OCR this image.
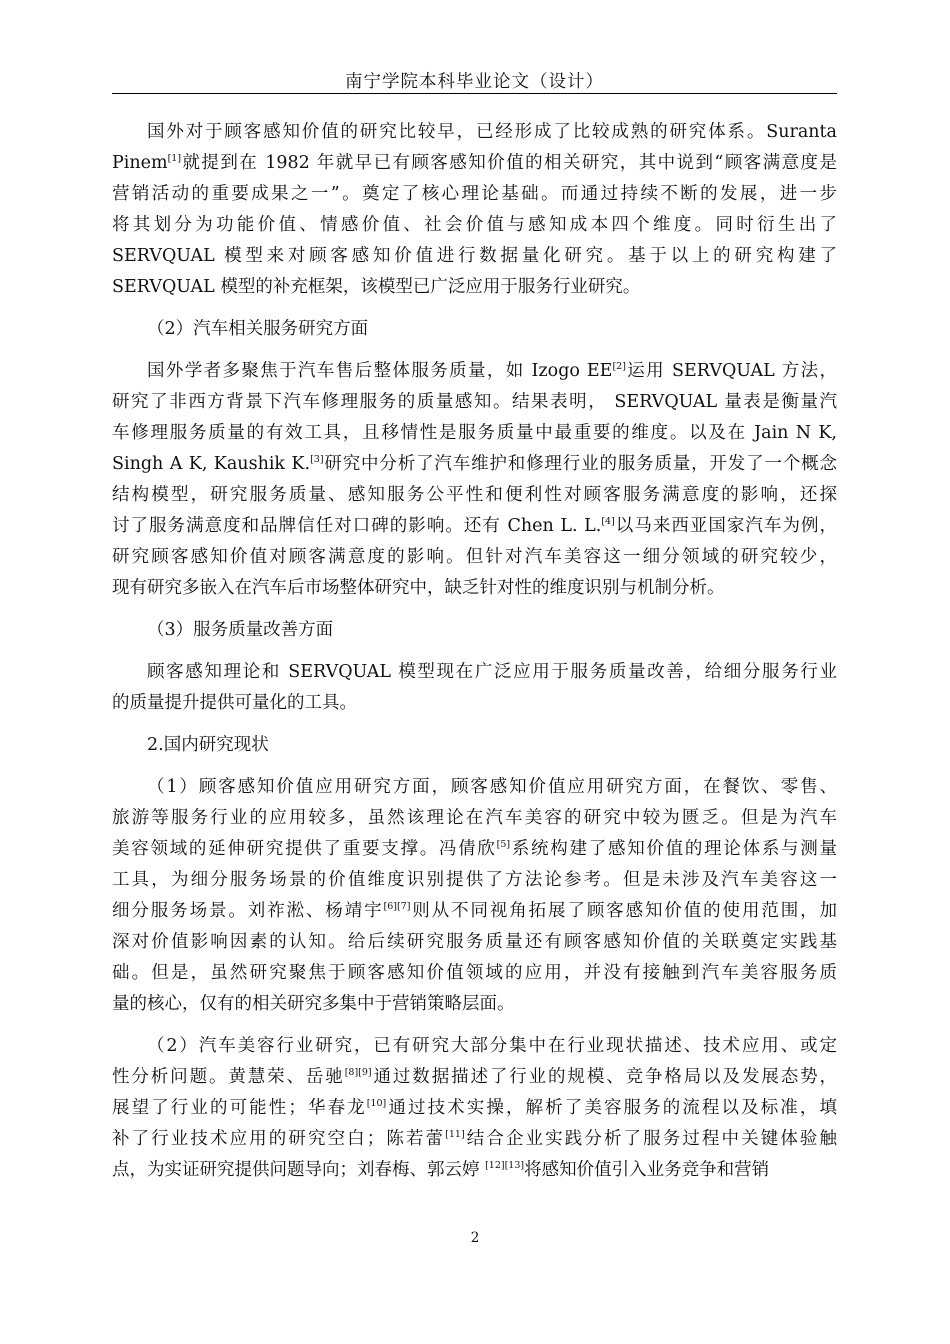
南宁学院本科毕业论文（设计）
国外对于顾客感知价值的研究比较早，已经形成了比较成熟的研究体系。Suranta
Pinem[1]就提到在 1982 年就早已有顾客感知价值的相关研究，其中说到“顾客满意度是
营销活动的重要成果之一”。奠定了核心理论基础。而通过持续不断的发展，进一步
将其划分为功能价值、情感价值、社会价值与感知成本四个维度。同时衍生出了
SERVQUAL 模型来对顾客感知价值进行数据量化研究。基于以上的研究构建了
SERVQUAL 模型的补充框架，该模型已广泛应用于服务行业研究。
（2）汽车相关服务研究方面
国外学者多聚焦于汽车售后整体服务质量，如 Izogo EE[2]运用 SERVQUAL 方法，
研究了非西方背景下汽车修理服务的质量感知。结果表明， SERVQUAL 量表是衡量汽
车修理服务质量的有效工具，且移情性是服务质量中最重要的维度。以及在 Jain N K,
Singh A K, Kaushik K.[3]研究中分析了汽车维护和修理行业的服务质量，开发了一个概念
结构模型，研究服务质量、感知服务公平性和便利性对顾客服务满意度的影响，还探
讨了服务满意度和品牌信任对口碑的影响。还有 Chen L. L.[4]以马来西亚国家汽车为例，
研究顾客感知价值对顾客满意度的影响。但针对汽车美容这一细分领域的研究较少，
现有研究多嵌入在汽车后市场整体研究中，缺乏针对性的维度识别与机制分析。
（3）服务质量改善方面
顾客感知理论和 SERVQUAL 模型现在广泛应用于服务质量改善，给细分服务行业
的质量提升提供可量化的工具。
2.国内研究现状
（1）顾客感知价值应用研究方面，顾客感知价值应用研究方面，在餐饮、零售、
旅游等服务行业的应用较多，虽然该理论在汽车美容的研究中较为匮乏。但是为汽车
美容领域的延伸研究提供了重要支撑。冯倩欣[5]系统构建了感知价值的理论体系与测量
工具，为细分服务场景的价值维度识别提供了方法论参考。但是未涉及汽车美容这一
细分服务场景。刘祚淞、杨靖宇[6][7]则从不同视角拓展了顾客感知价值的使用范围，加
深对价值影响因素的认知。给后续研究服务质量还有顾客感知价值的关联奠定实践基
础。但是，虽然研究聚焦于顾客感知价值领域的应用，并没有接触到汽车美容服务质
量的核心，仅有的相关研究多集中于营销策略层面。
（2）汽车美容行业研究，已有研究大部分集中在行业现状描述、技术应用、或定
性分析问题。黄慧荣、岳驰[8][9]通过数据描述了行业的规模、竞争格局以及发展态势，
展望了行业的可能性；华春龙[10]通过技术实操，解析了美容服务的流程以及标准，填
补了行业技术应用的研究空白；陈若蕾[11]结合企业实践分析了服务过程中关键体验触
点，为实证研究提供问题导向；刘春梅、郭云婷 [12][13]将感知价值引入业务竞争和营销
2
